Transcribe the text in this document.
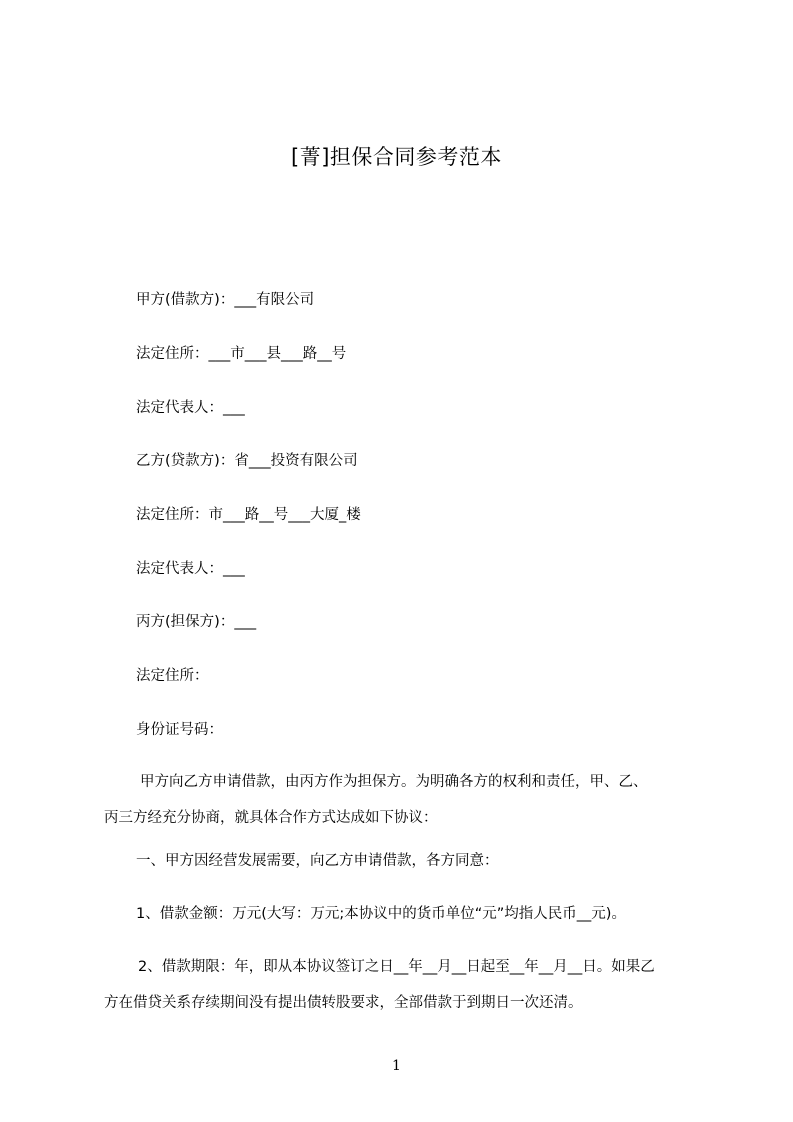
[菁]担保合同参考范本
甲方(借款方)：___有限公司
法定住所：___市___县___路__号
法定代表人：___
乙方(贷款方)：省___投资有限公司
法定住所：市___路__号___大厦_楼
法定代表人：___
丙方(担保方)：___
法定住所：
身份证号码：
甲方向乙方申请借款，由丙方作为担保方。为明确各方的权利和责任，甲、乙、
丙三方经充分协商，就具体合作方式达成如下协议：
一、甲方因经营发展需要，向乙方申请借款，各方同意：
1、借款金额：万元(大写：万元;本协议中的货币单位“元”均指人民币__元)。
2、借款期限：年，即从本协议签订之日__年__月__日起至__年__月__日。如果乙
方在借贷关系存续期间没有提出债转股要求，全部借款于到期日一次还清。
1
